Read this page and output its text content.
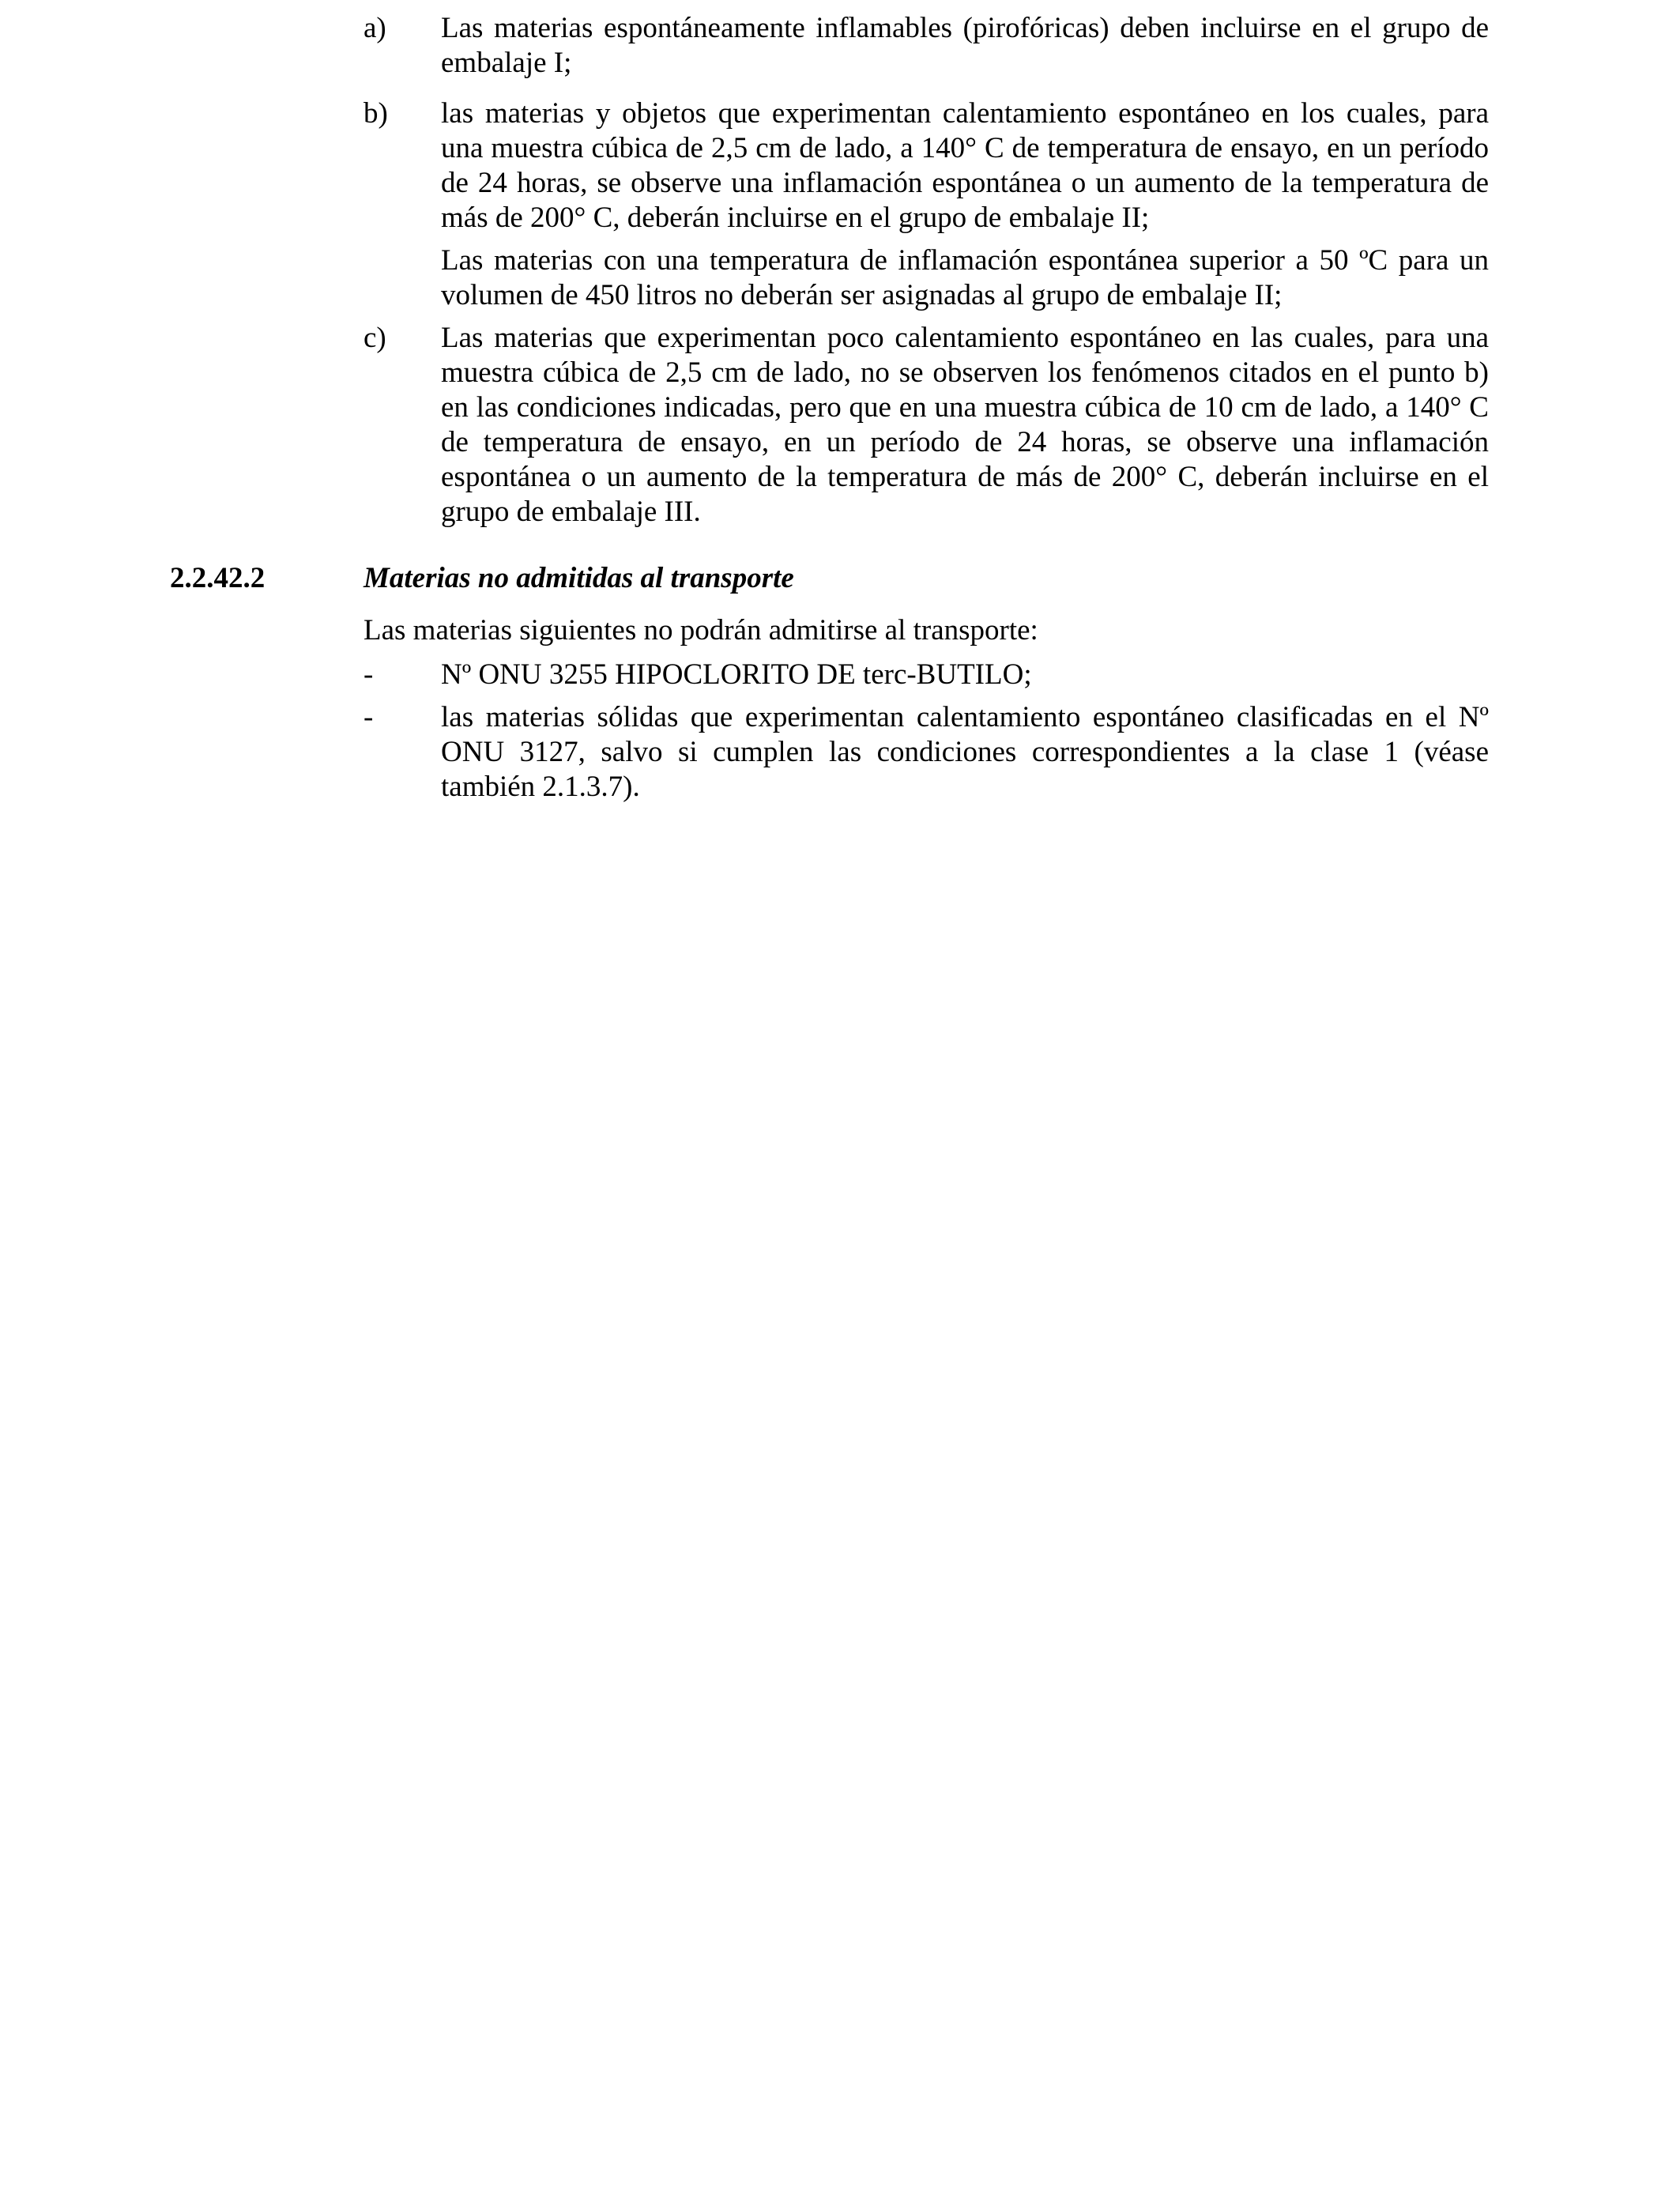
a) Las materias espontáneamente inflamables (pirofóricas) deben incluirse en el grupo de embalaje I;
b) las materias y objetos que experimentan calentamiento espontáneo en los cuales, para una muestra cúbica de 2,5 cm de lado, a 140° C de temperatura de ensayo, en un período de 24 horas, se observe una inflamación espontánea o un aumento de la temperatura de más de 200° C, deberán incluirse en el grupo de embalaje II;
Las materias con una temperatura de inflamación espontánea superior a 50 ºC para un volumen de 450 litros no deberán ser asignadas al grupo de embalaje II;
c) Las materias que experimentan poco calentamiento espontáneo en las cuales, para una muestra cúbica de 2,5 cm de lado, no se observen los fenómenos citados en el punto b) en las condiciones indicadas, pero que en una muestra cúbica de 10 cm de lado, a 140° C de temperatura de ensayo, en un período de 24 horas, se observe una inflamación espontánea o un aumento de la temperatura de más de 200° C, deberán incluirse en el grupo de embalaje III.
2.2.42.2	Materias no admitidas al transporte
Las materias siguientes no podrán admitirse al transporte:
- Nº ONU 3255 HIPOCLORITO DE terc-BUTILO;
- las materias sólidas que experimentan calentamiento espontáneo clasificadas en el Nº ONU 3127, salvo si cumplen las condiciones correspondientes a la clase 1 (véase también 2.1.3.7).
